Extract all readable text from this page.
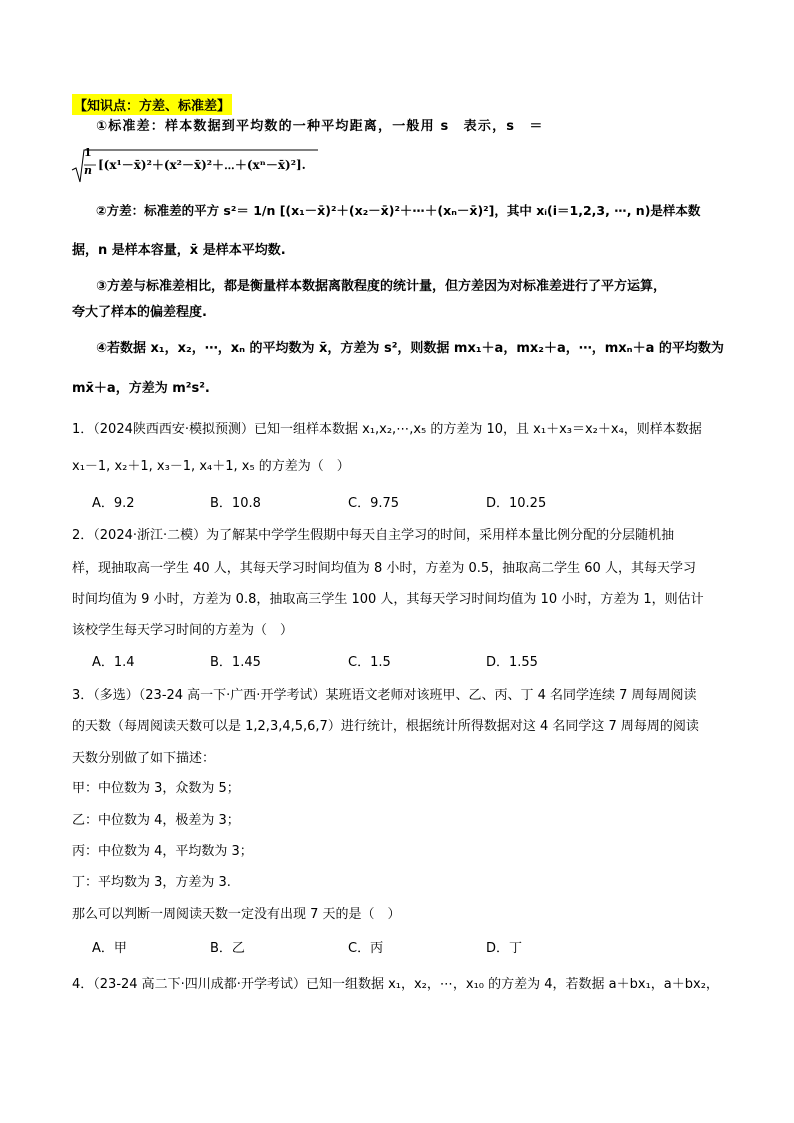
【知识点：方差、标准差】
①标准差：样本数据到平均数的一种平均距离，一般用 s　表示，s　＝
1
n [(x¹－x̄)²＋(x²－x̄)²＋⋯＋(xⁿ－x̄)²].
②方差：标准差的平方 s²＝ 1/n [(x₁－x̄)²＋(x₂－x̄)²＋⋯＋(xₙ－x̄)²]，其中 xᵢ(i＝1,2,3, ⋯, n)是样本数
据，n 是样本容量，x̄ 是样本平均数.
③方差与标准差相比，都是衡量样本数据离散程度的统计量，但方差因为对标准差进行了平方运算，
夸大了样本的偏差程度.
④若数据 x₁，x₂，⋯，xₙ 的平均数为 x̄，方差为 s²，则数据 mx₁＋a，mx₂＋a，⋯，mxₙ＋a 的平均数为
mx̄＋a，方差为 m²s².
1．（2024陕西西安·模拟预测）已知一组样本数据 x₁,x₂,⋯,x₅ 的方差为 10，且 x₁＋x₃＝x₂＋x₄，则样本数据
x₁－1, x₂＋1, x₃－1, x₄＋1, x₅ 的方差为（　）
A．9.2	B．10.8	C．9.75	D．10.25
2．（2024·浙江·二模）为了解某中学学生假期中每天自主学习的时间，采用样本量比例分配的分层随机抽
样，现抽取高一学生 40 人，其每天学习时间均值为 8 小时，方差为 0.5，抽取高二学生 60 人，其每天学习
时间均值为 9 小时，方差为 0.8，抽取高三学生 100 人，其每天学习时间均值为 10 小时，方差为 1，则估计
该校学生每天学习时间的方差为（　）
A．1.4	B．1.45	C．1.5	D．1.55
3．（多选）（23-24 高一下·广西·开学考试）某班语文老师对该班甲、乙、丙、丁 4 名同学连续 7 周每周阅读
的天数（每周阅读天数可以是 1,2,3,4,5,6,7）进行统计，根据统计所得数据对这 4 名同学这 7 周每周的阅读
天数分别做了如下描述：
甲：中位数为 3，众数为 5；
乙：中位数为 4，极差为 3；
丙：中位数为 4，平均数为 3；
丁：平均数为 3，方差为 3.
那么可以判断一周阅读天数一定没有出现 7 天的是（　）
A．甲	B．乙	C．丙	D．丁
4．（23-24 高二下·四川成都·开学考试）已知一组数据 x₁，x₂，⋯，x₁₀ 的方差为 4，若数据 a＋bx₁，a＋bx₂，
